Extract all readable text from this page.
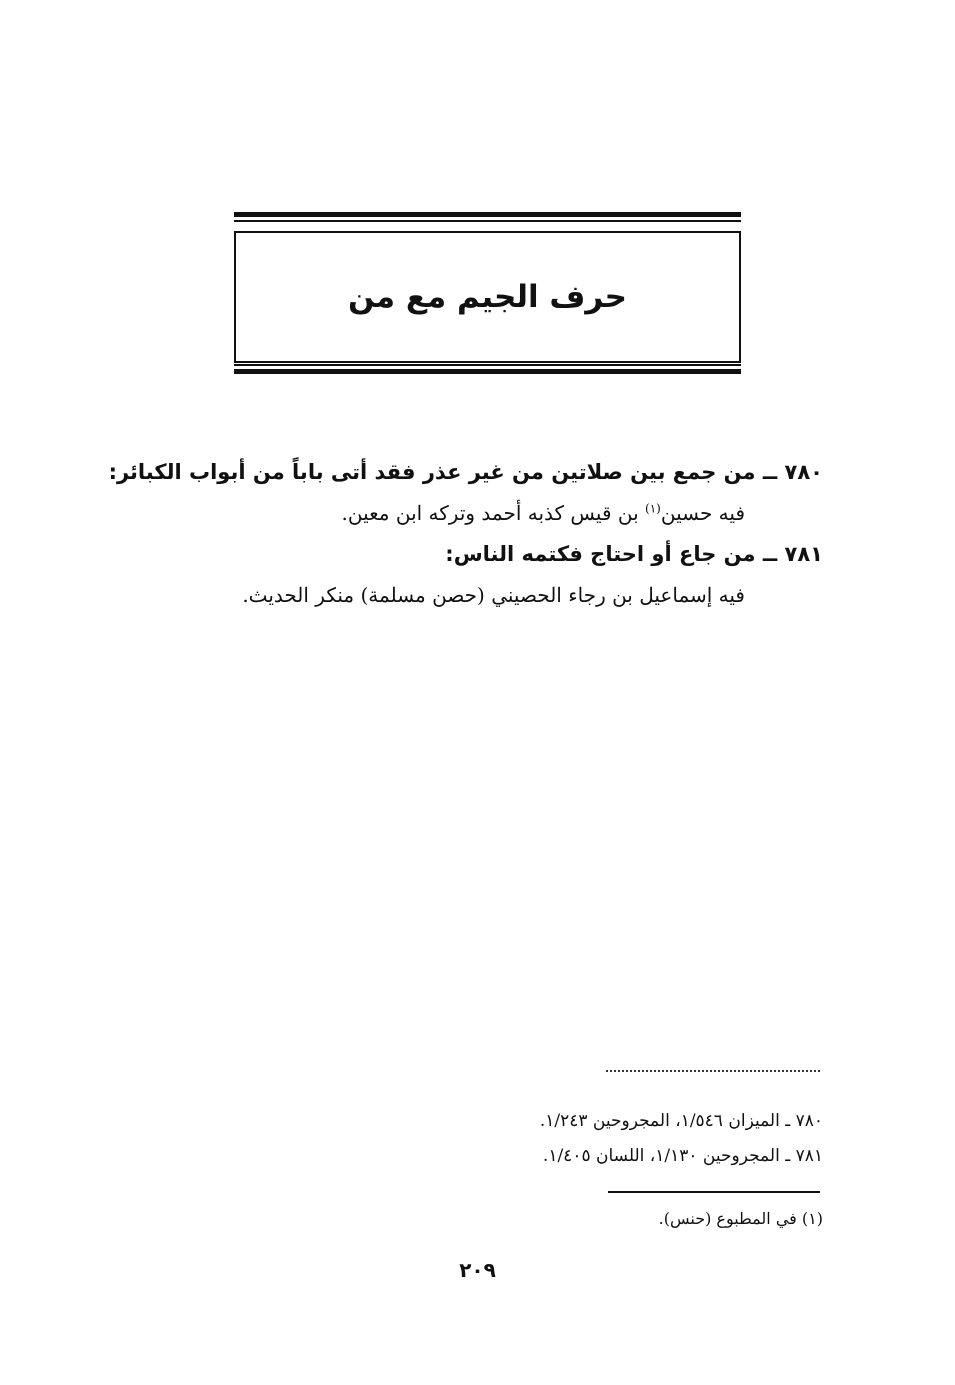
حرف الجيم مع من
٧٨٠ ــ من جمع بين صلاتين من غير عذر فقد أتى باباً من أبواب الكبائر:
فيه حسين$^{(١)}$ بن قيس كذبه أحمد وتركه ابن معين.
٧٨١ ــ من جاع أو احتاج فكتمه الناس:
فيه إسماعيل بن رجاء الحصيني (حصن مسلمة) منكر الحديث.
٧٨٠ ـ الميزان ١/٥٤٦، المجروحين ١/٢٤٣.
٧٨١ ـ المجروحين ١/١٣٠، اللسان ١/٤٠٥.
(١) في المطبوع (حنس).
٢٠٩
